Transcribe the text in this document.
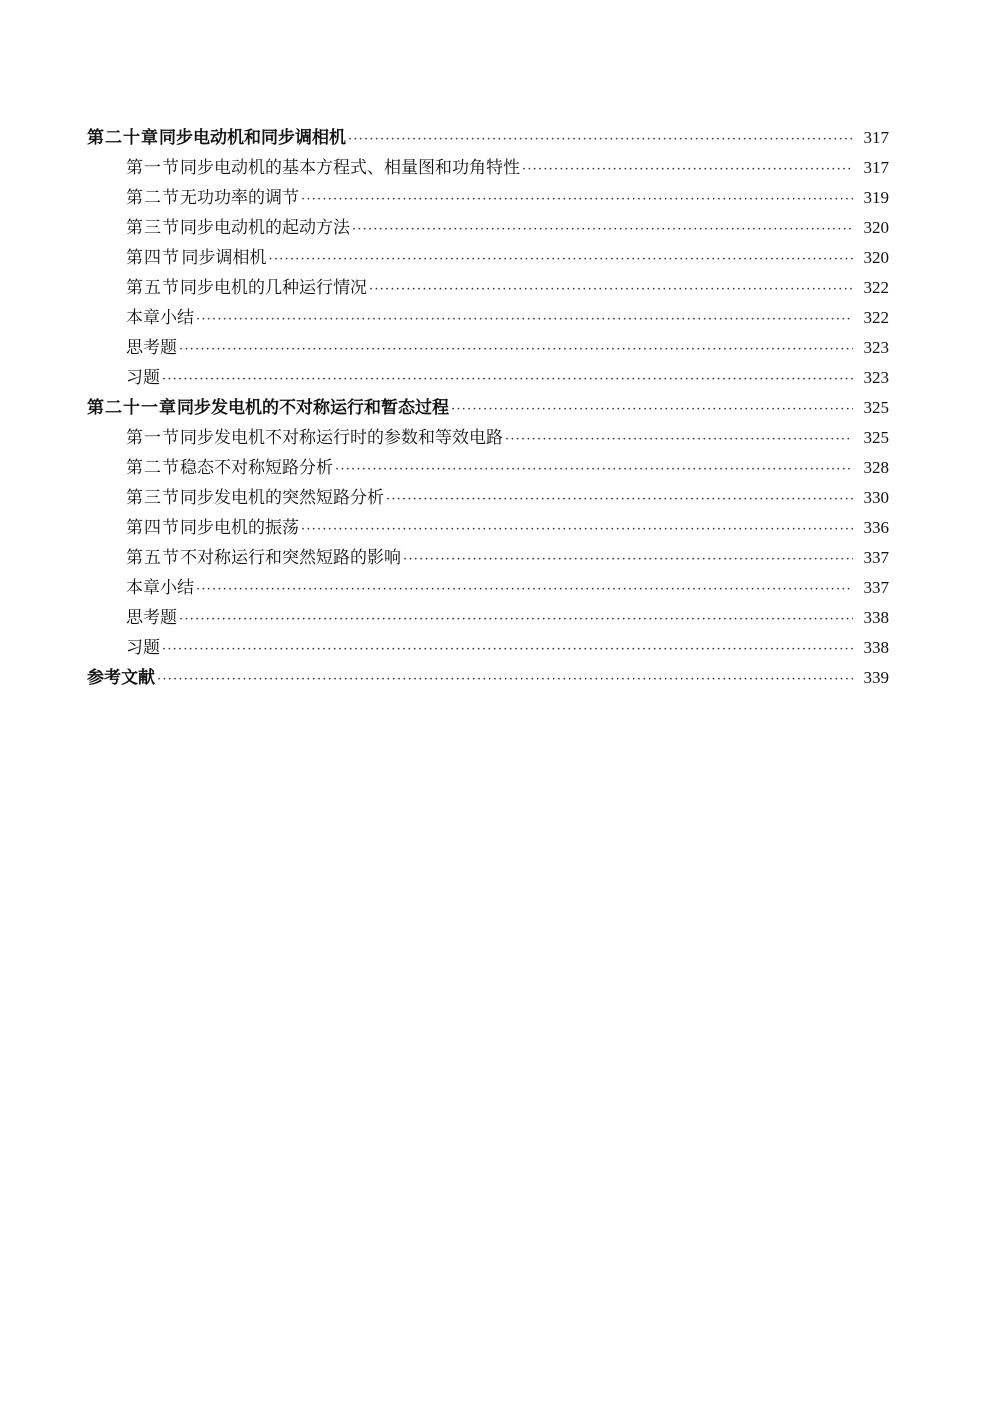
第二十章 同步电动机和同步调相机 ·····	317
第一节 同步电动机的基本方程式、相量图和功角特性 ·····	317
第二节 无功功率的调节 ·····	319
第三节 同步电动机的起动方法 ·····	320
第四节 同步调相机 ·····	320
第五节 同步电机的几种运行情况 ·····	322
本章小结 ·····	322
思考题 ·····	323
习题 ·····	323
第二十一章 同步发电机的不对称运行和暂态过程 ·····	325
第一节 同步发电机不对称运行时的参数和等效电路 ·····	325
第二节 稳态不对称短路分析 ·····	328
第三节 同步发电机的突然短路分析 ·····	330
第四节 同步电机的振荡 ·····	336
第五节 不对称运行和突然短路的影响 ·····	337
本章小结 ·····	337
思考题 ·····	338
习题 ·····	338
参考文献 ·····	339
